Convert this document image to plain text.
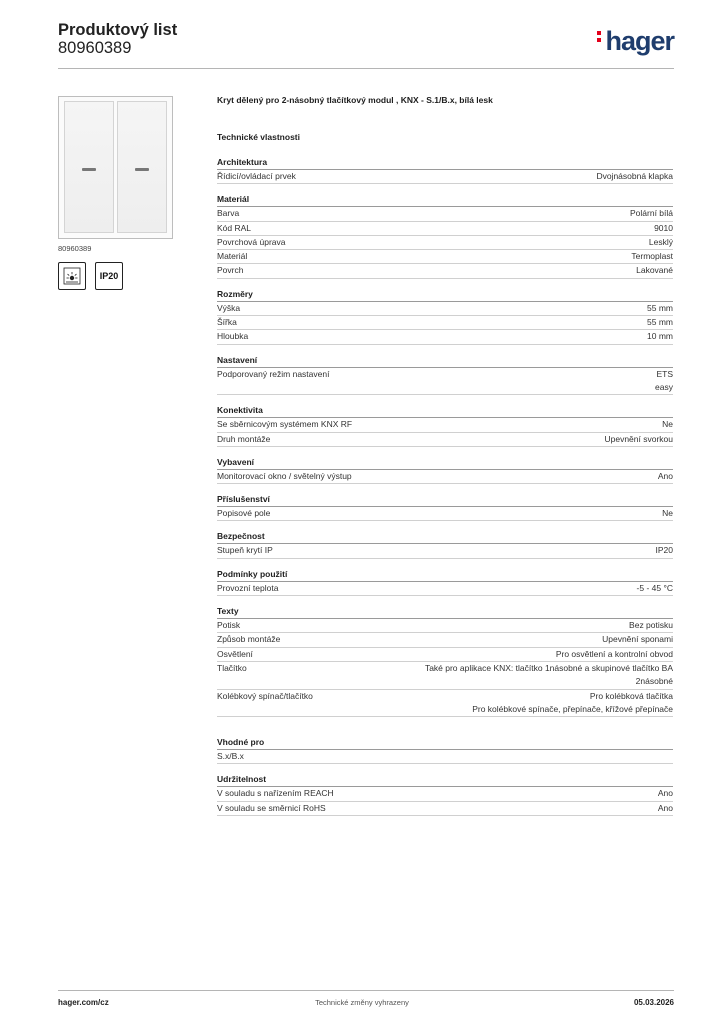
Produktový list
80960389	hager
80960389
IP20
Kryt dělený pro 2-násobný tlačítkový modul , KNX - S.1/B.x, bílá lesk
Technické vlastnosti
Architektura
Řídicí/ovládací prvek	Dvojnásobná klapka
Materiál
Barva	Polární bílá
Kód RAL	9010
Povrchová úprava	Lesklý
Materiál	Termoplast
Povrch	Lakované
Rozměry
Výška	55 mm
Šířka	55 mm
Hloubka	10 mm
Nastavení
Podporovaný režim nastavení	ETS
easy
Konektivita
Se sběrnicovým systémem KNX RF	Ne
Druh montáže	Upevnění svorkou
Vybavení
Monitorovací okno / světelný výstup	Ano
Příslušenství
Popisové pole	Ne
Bezpečnost
Stupeň krytí IP	IP20
Podmínky použití
Provozní teplota	-5 - 45 °C
Texty
Potisk	Bez potisku
Způsob montáže	Upevnění sponami
Osvětlení	Pro osvětlení a kontrolní obvod
Tlačítko	Také pro aplikace KNX: tlačítko 1násobné a skupinové tlačítko BA
2násobné
Kolébkový spínač/tlačítko	Pro kolébková tlačítka
Pro kolébkové spínače, přepínače, křížové přepínače
Vhodné pro
S.x/B.x
Udržitelnost
V souladu s nařízením REACH	Ano
V souladu se směrnicí RoHS	Ano
hager.com/cz	Technické změny vyhrazeny	05.03.2026
